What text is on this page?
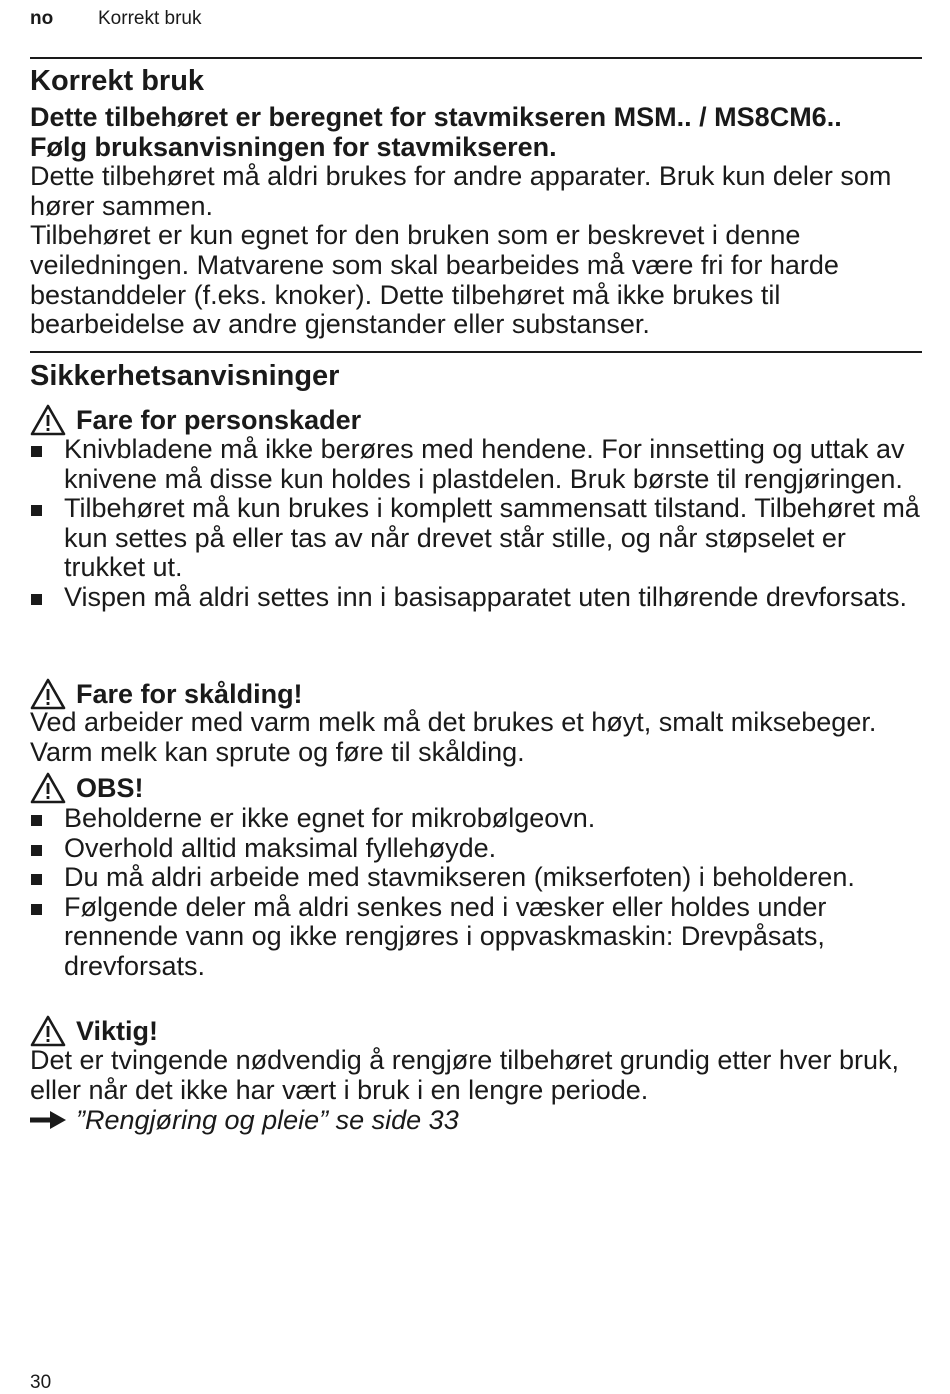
no Korrekt bruk
Korrekt bruk
Dette tilbehøret er beregnet for stavmikseren MSM.. / MS8CM6..
Følg bruksanvisningen for stavmikseren.
Dette tilbehøret må aldri brukes for andre apparater. Bruk kun deler som hører sammen.
Tilbehøret er kun egnet for den bruken som er beskrevet i denne veiledningen. Matvarene som skal bearbeides må være fri for harde bestanddeler (f.eks. knoker). Dette tilbehøret må ikke brukes til bearbeidelse av andre gjenstander eller substanser.
Sikkerhetsanvisninger
Fare for personskader
Knivbladene må ikke berøres med hendene. For innsetting og uttak av knivene må disse kun holdes i plastdelen. Bruk børste til rengjøringen.
Tilbehøret må kun brukes i komplett sammensatt tilstand. Tilbehøret må kun settes på eller tas av når drevet står stille, og når støpselet er trukket ut.
Vispen må aldri settes inn i basisapparatet uten tilhørende drevforsats.
Fare for skålding!
Ved arbeider med varm melk må det brukes et høyt, smalt miksebeger. Varm melk kan sprute og føre til skålding.
OBS!
Beholderne er ikke egnet for mikrobølgeovn.
Overhold alltid maksimal fyllehøyde.
Du må aldri arbeide med stavmikseren (mikserfoten) i beholderen.
Følgende deler må aldri senkes ned i væsker eller holdes under rennende vann og ikke rengjøres i oppvaskmaskin: Drevpåsats, drevforsats.
Viktig!
Det er tvingende nødvendig å rengjøre tilbehøret grundig etter hver bruk, eller når det ikke har vært i bruk i en lengre periode.
”Rengjøring og pleie” se side 33
30
